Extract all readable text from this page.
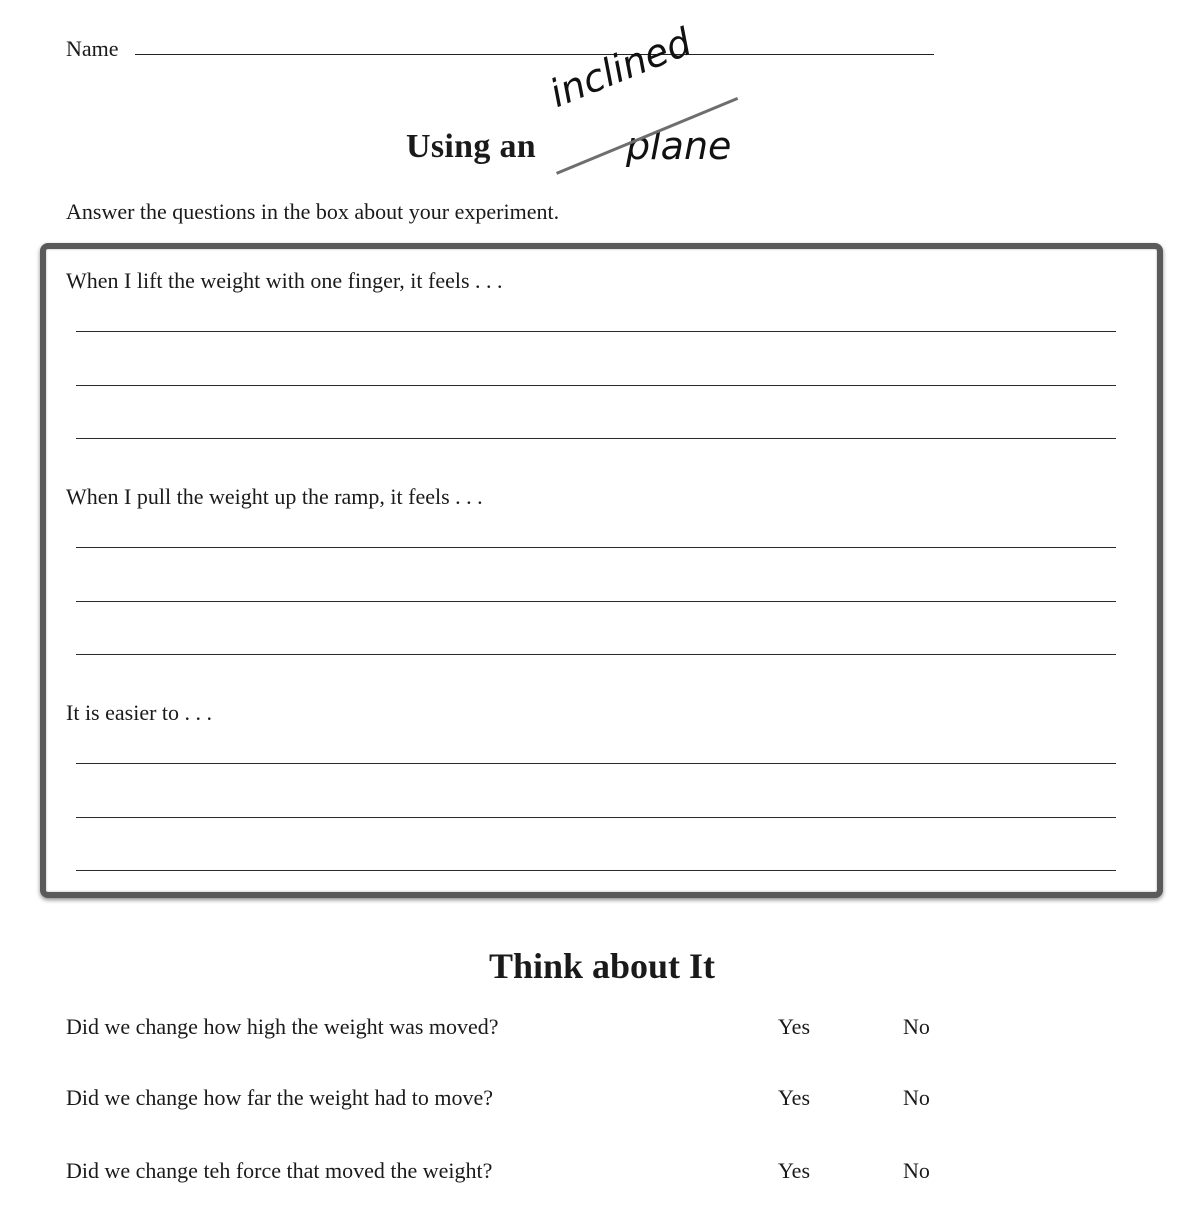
Name
Using an
inclined
plane
Answer the questions in the box about your experiment.
When I lift the weight with one finger, it feels . . .
When I pull the weight up the ramp, it feels . . .
It is easier to . . .
Think about It
Did we change how high the weight was moved?	Yes	No
Did we change how far the weight had to move?	Yes	No
Did we change teh force that moved the weight?	Yes	No
